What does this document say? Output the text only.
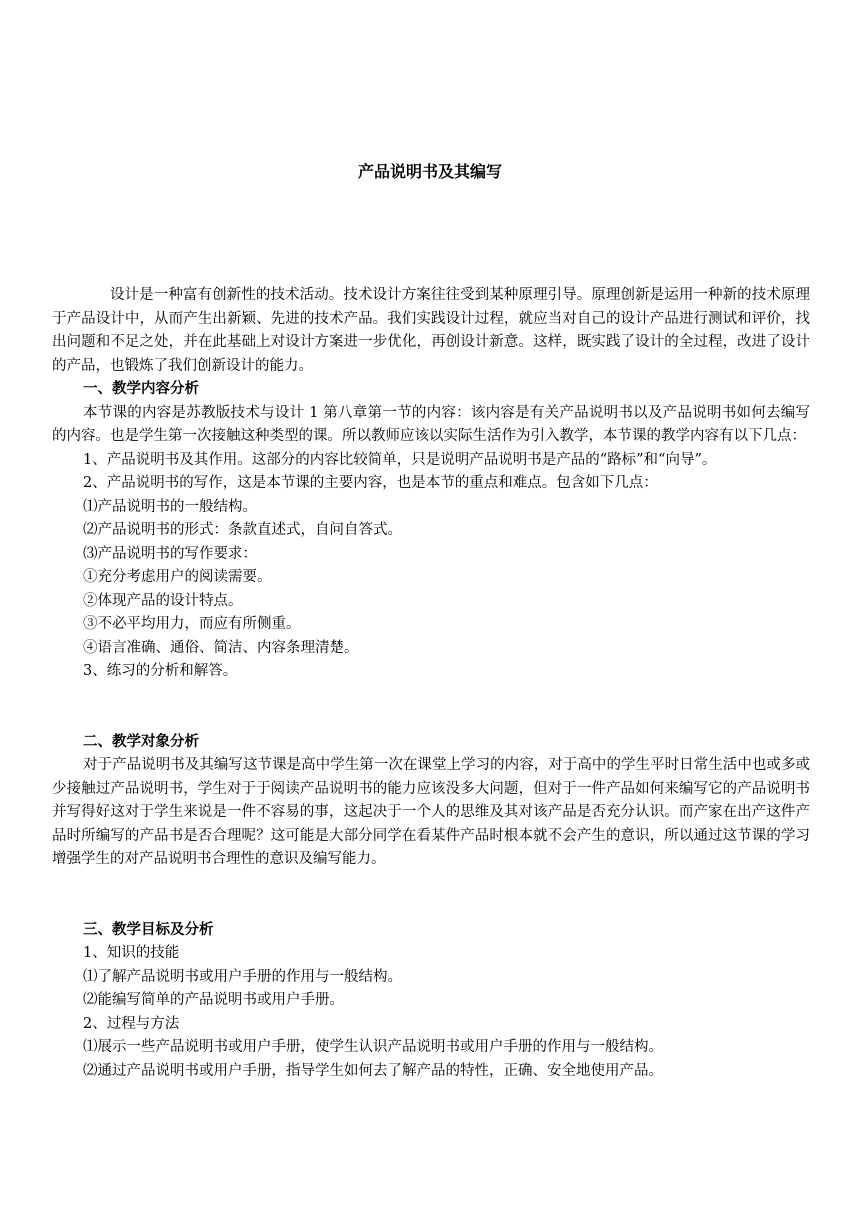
产品说明书及其编写

设计是一种富有创新性的技术活动。技术设计方案往往受到某种原理引导。原理创新是运用一种新的技术原理于产品设计中，从而产生出新颖、先进的技术产品。我们实践设计过程，就应当对自己的设计产品进行测试和评价，找出问题和不足之处，并在此基础上对设计方案进一步优化，再创设计新意。这样，既实践了设计的全过程，改进了设计的产品，也锻炼了我们创新设计的能力。

一、教学内容分析

本节课的内容是苏教版技术与设计 1 第八章第一节的内容：该内容是有关产品说明书以及产品说明书如何去编写的内容。也是学生第一次接触这种类型的课。所以教师应该以实际生活作为引入教学，本节课的教学内容有以下几点：

1、产品说明书及其作用。这部分的内容比较简单，只是说明产品说明书是产品的“路标”和“向导”。

2、产品说明书的写作，这是本节课的主要内容，也是本节的重点和难点。包含如下几点：

⑴产品说明书的一般结构。

⑵产品说明书的形式：条款直述式，自问自答式。

⑶产品说明书的写作要求：

①充分考虑用户的阅读需要。

②体现产品的设计特点。

③不必平均用力，而应有所侧重。

④语言准确、通俗、简洁、内容条理清楚。

3、练习的分析和解答。

二、教学对象分析

对于产品说明书及其编写这节课是高中学生第一次在课堂上学习的内容，对于高中的学生平时日常生活中也或多或少接触过产品说明书，学生对于于阅读产品说明书的能力应该没多大问题，但对于一件产品如何来编写它的产品说明书并写得好这对于学生来说是一件不容易的事，这起决于一个人的思维及其对该产品是否充分认识。而产家在出产这件产品时所编写的产品书是否合理呢？这可能是大部分同学在看某件产品时根本就不会产生的意识，所以通过这节课的学习增强学生的对产品说明书合理性的意识及编写能力。

三、教学目标及分析

1、知识的技能

⑴了解产品说明书或用户手册的作用与一般结构。

⑵能编写简单的产品说明书或用户手册。

2、过程与方法

⑴展示一些产品说明书或用户手册，使学生认识产品说明书或用户手册的作用与一般结构。

⑵通过产品说明书或用户手册，指导学生如何去了解产品的特性，正确、安全地使用产品。
